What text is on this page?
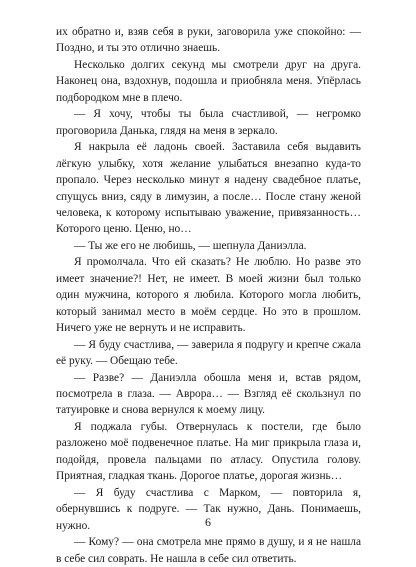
их обратно и, взяв себя в руки, заговорила уже спокойно: — Поздно, и ты это отлично знаешь.

Несколько долгих секунд мы смотрели друг на друга. Наконец она, вздохнув, подошла и приобняла меня. Упёрлась подбородком мне в плечо.

— Я хочу, чтобы ты была счастливой, — негромко проговорила Данька, глядя на меня в зеркало.

Я накрыла её ладонь своей. Заставила себя выдавить лёгкую улыбку, хотя желание улыбаться внезапно куда-то пропало. Через несколько минут я надену свадебное платье, спущусь вниз, сяду в лимузин, а после… После стану женой человека, к которому испытываю уважение, привязанность… Которого ценю. Ценю, но…

— Ты же его не любишь, — шепнула Даниэлла.

Я промолчала. Что ей сказать? Не люблю. Но разве это имеет значение?! Нет, не имеет. В моей жизни был только один мужчина, которого я любила. Которого могла любить, который занимал место в моём сердце. Но это в прошлом. Ничего уже не вернуть и не исправить.

— Я буду счастлива, — заверила я подругу и крепче сжала её руку. — Обещаю тебе.

— Разве? — Даниэлла обошла меня и, встав рядом, посмотрела в глаза. — Аврора… — Взгляд её скользнул по татуировке и снова вернулся к моему лицу.

Я поджала губы. Отвернулась к постели, где было разложено моё подвенечное платье. На миг прикрыла глаза и, подойдя, провела пальцами по атласу. Опустила голову. Приятная, гладкая ткань. Дорогое платье, дорогая жизнь…

— Я буду счастлива с Марком, — повторила я, обернувшись к подруге. — Так нужно, Дань. Понимаешь, нужно.

— Кому? — она смотрела мне прямо в душу, и я не нашла в себе сил соврать. Не нашла в себе сил ответить.

6
